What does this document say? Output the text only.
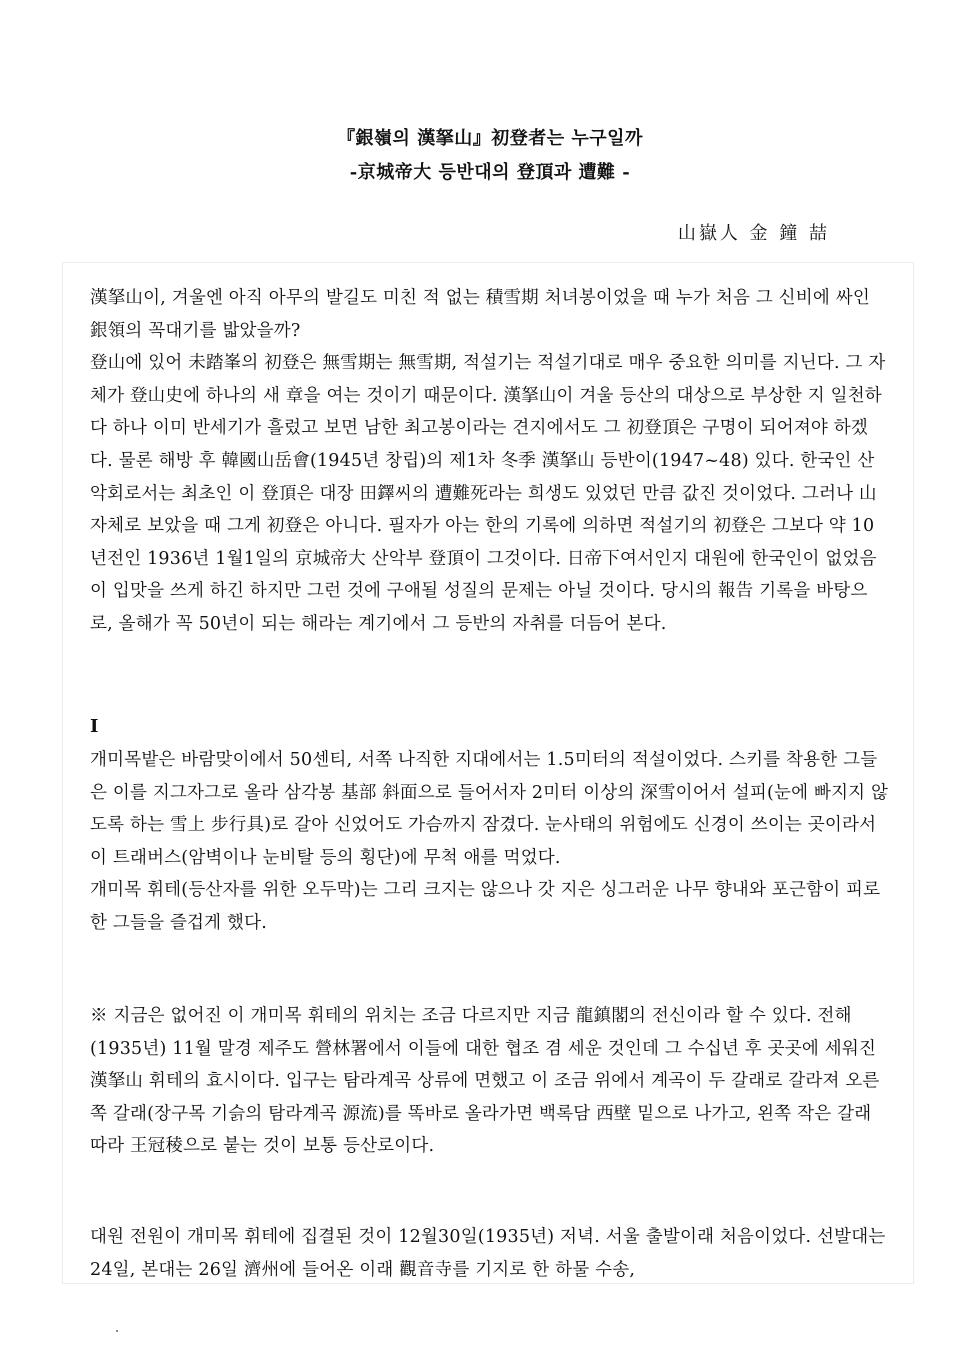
『銀嶺의 漢拏山』初登者는 누구일까
-京城帝大 등반대의 登頂과 遭難 -
山嶽人 金 鐘 喆

漢拏山이, 겨울엔 아직 아무의 발길도 미친 적 없는 積雪期 처녀봉이었을 때 누가 처음 그 신비에 싸인 銀領의 꼭대기를 밟았을까?

登山에 있어 未踏峯의 初登은 無雪期는 無雪期, 적설기는 적설기대로 매우 중요한 의미를 지닌다. 그 자체가 登山史에 하나의 새 章을 여는 것이기 때문이다. 漢拏山이 겨울 등산의 대상으로 부상한 지 일천하다 하나 이미 반세기가 흘렀고 보면 남한 최고봉이라는 견지에서도 그 初登頂은 구명이 되어져야 하겠다. 물론 해방 후 韓國山岳會(1945년 창립)의 제1차 冬季 漢拏山 등반이(1947~48) 있다. 한국인 산악회로서는 최초인 이 登頂은 대장 田鐸씨의 遭難死라는 희생도 있었던 만큼 값진 것이었다. 그러나 山 자체로 보았을 때 그게 初登은 아니다. 필자가 아는 한의 기록에 의하면 적설기의 初登은 그보다 약 10년전인 1936년 1월1일의 京城帝大 산악부 登頂이 그것이다. 日帝下여서인지 대원에 한국인이 없었음이 입맛을 쓰게 하긴 하지만 그런 것에 구애될 성질의 문제는 아닐 것이다. 당시의 報告 기록을 바탕으로, 올해가 꼭 50년이 되는 해라는 계기에서 그 등반의 자취를 더듬어 본다.

I

개미목밭은 바람맞이에서 50센티, 서쪽 나직한 지대에서는 1.5미터의 적설이었다. 스키를 착용한 그들은 이를 지그자그로 올라 삼각봉 基部 斜面으로 들어서자 2미터 이상의 深雪이어서 설피(눈에 빠지지 않도록 하는 雪上 步行具)로 갈아 신었어도 가슴까지 잠겼다. 눈사태의 위험에도 신경이 쓰이는 곳이라서 이 트래버스(암벽이나 눈비탈 등의 횡단)에 무척 애를 먹었다.

개미목 휘테(등산자를 위한 오두막)는 그리 크지는 않으나 갓 지은 싱그러운 나무 향내와 포근함이 피로한 그들을 즐겁게 했다.

※ 지금은 없어진 이 개미목 휘테의 위치는 조금 다르지만 지금 龍鎮閣의 전신이라 할 수 있다. 전해(1935년) 11월 말경 제주도 營林署에서 이들에 대한 협조 겸 세운 것인데 그 수십년 후 곳곳에 세워진 漢拏山 휘테의 효시이다. 입구는 탐라계곡 상류에 면했고 이 조금 위에서 계곡이 두 갈래로 갈라져 오른쪽 갈래(장구목 기슭의 탐라계곡 源流)를 똑바로 올라가면 백록담 西壁 밑으로 나가고, 왼쪽 작은 갈래 따라 王冠稜으로 붙는 것이 보통 등산로이다.

대원 전원이 개미목 휘테에 집결된 것이 12월30일(1935년) 저녁. 서울 출발이래 처음이었다. 선발대는 24일, 본대는 26일 濟州에 들어온 이래 觀音寺를 기지로 한 하물 수송,
